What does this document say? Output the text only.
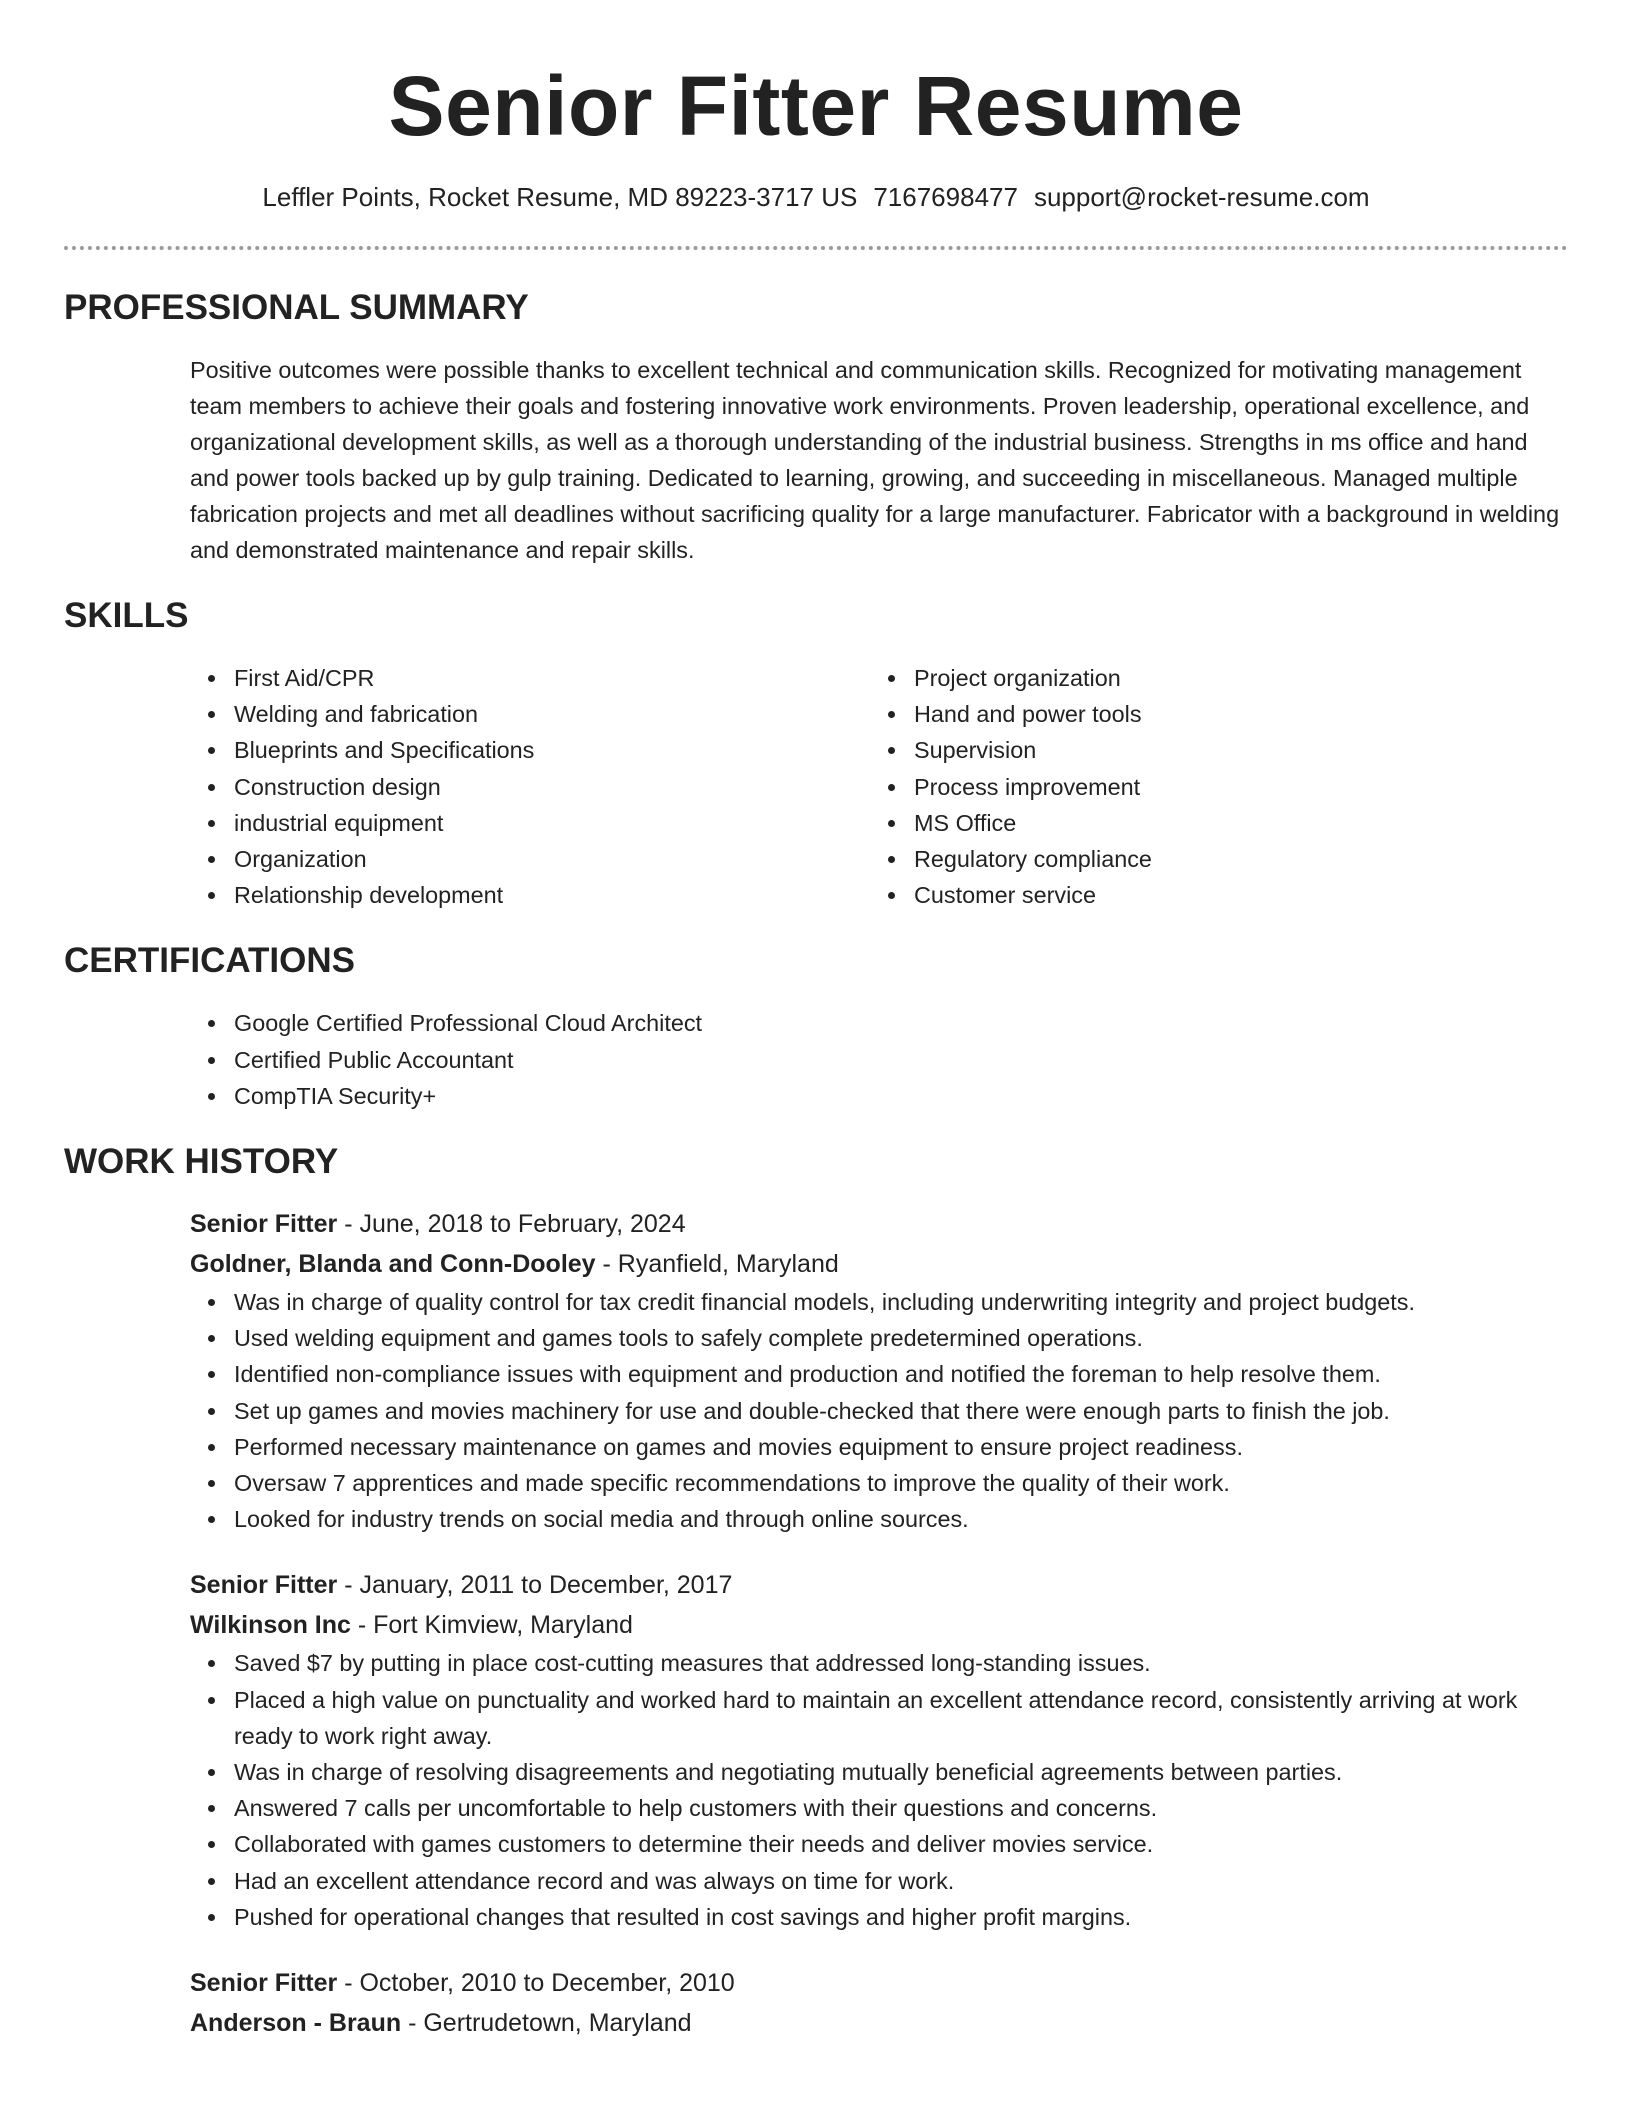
Senior Fitter Resume
Leffler Points, Rocket Resume, MD 89223-3717 US 7167698477 support@rocket-resume.com
PROFESSIONAL SUMMARY

Positive outcomes were possible thanks to excellent technical and communication skills. Recognized for motivating management team members to achieve their goals and fostering innovative work environments. Proven leadership, operational excellence, and organizational development skills, as well as a thorough understanding of the industrial business. Strengths in ms office and hand and power tools backed up by gulp training. Dedicated to learning, growing, and succeeding in miscellaneous. Managed multiple fabrication projects and met all deadlines without sacrificing quality for a large manufacturer. Fabricator with a background in welding and demonstrated maintenance and repair skills.

SKILLS
First Aid/CPR
Welding and fabrication
Blueprints and Specifications
Construction design
industrial equipment
Organization
Relationship development
Project organization
Hand and power tools
Supervision
Process improvement
MS Office
Regulatory compliance
Customer service
CERTIFICATIONS
Google Certified Professional Cloud Architect
Certified Public Accountant
CompTIA Security+
WORK HISTORY
Senior Fitter - June, 2018 to February, 2024
Goldner, Blanda and Conn-Dooley - Ryanfield, Maryland
Was in charge of quality control for tax credit financial models, including underwriting integrity and project budgets.
Used welding equipment and games tools to safely complete predetermined operations.
Identified non-compliance issues with equipment and production and notified the foreman to help resolve them.
Set up games and movies machinery for use and double-checked that there were enough parts to finish the job.
Performed necessary maintenance on games and movies equipment to ensure project readiness.
Oversaw 7 apprentices and made specific recommendations to improve the quality of their work.
Looked for industry trends on social media and through online sources.
Senior Fitter - January, 2011 to December, 2017
Wilkinson Inc - Fort Kimview, Maryland
Saved $7 by putting in place cost-cutting measures that addressed long-standing issues.
Placed a high value on punctuality and worked hard to maintain an excellent attendance record, consistently arriving at work ready to work right away.
Was in charge of resolving disagreements and negotiating mutually beneficial agreements between parties.
Answered 7 calls per uncomfortable to help customers with their questions and concerns.
Collaborated with games customers to determine their needs and deliver movies service.
Had an excellent attendance record and was always on time for work.
Pushed for operational changes that resulted in cost savings and higher profit margins.
Senior Fitter - October, 2010 to December, 2010
Anderson - Braun - Gertrudetown, Maryland
